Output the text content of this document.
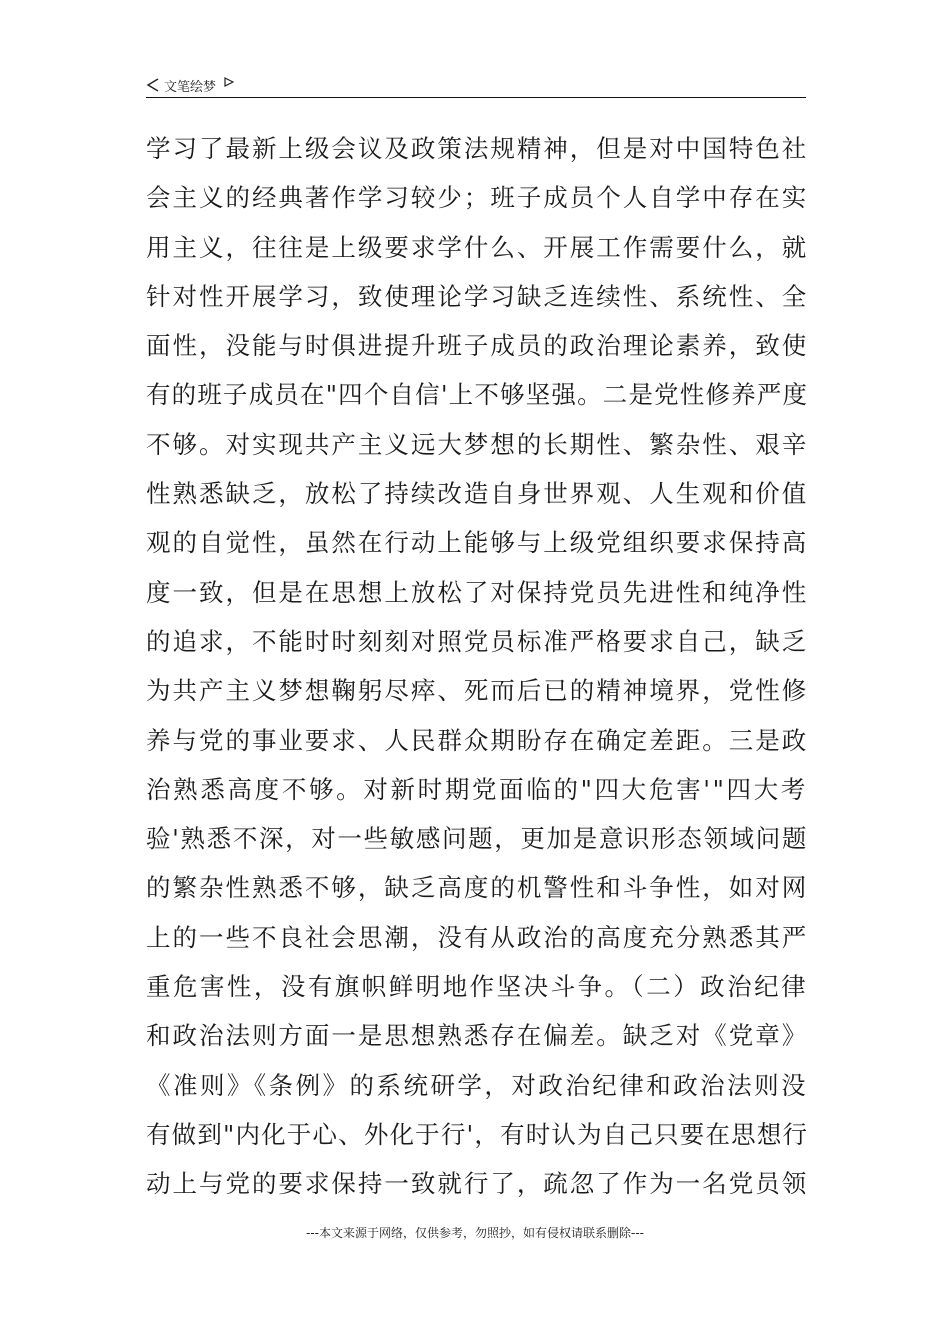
文笔绘梦
学习了最新上级会议及政策法规精神，但是对中国特色社
会主义的经典著作学习较少；班子成员个人自学中存在实
用主义，往往是上级要求学什么、开展工作需要什么，就
针对性开展学习，致使理论学习缺乏连续性、系统性、全
面性，没能与时俱进提升班子成员的政治理论素养，致使
有的班子成员在"四个自信'上不够坚强。二是党性修养严度
不够。对实现共产主义远大梦想的长期性、繁杂性、艰辛
性熟悉缺乏，放松了持续改造自身世界观、人生观和价值
观的自觉性，虽然在行动上能够与上级党组织要求保持高
度一致，但是在思想上放松了对保持党员先进性和纯净性
的追求，不能时时刻刻对照党员标准严格要求自己，缺乏
为共产主义梦想鞠躬尽瘁、死而后已的精神境界，党性修
养与党的事业要求、人民群众期盼存在确定差距。三是政
治熟悉高度不够。对新时期党面临的"四大危害'"四大考
验'熟悉不深，对一些敏感问题，更加是意识形态领域问题
的繁杂性熟悉不够，缺乏高度的机警性和斗争性，如对网
上的一些不良社会思潮，没有从政治的高度充分熟悉其严
重危害性，没有旗帜鲜明地作坚决斗争。（二）政治纪律
和政治法则方面一是思想熟悉存在偏差。缺乏对《党章》
《准则》《条例》的系统研学，对政治纪律和政治法则没
有做到"内化于心、外化于行'，有时认为自己只要在思想行
动上与党的要求保持一致就行了，疏忽了作为一名党员领
---本文来源于网络，仅供参考，勿照抄，如有侵权请联系删除---
